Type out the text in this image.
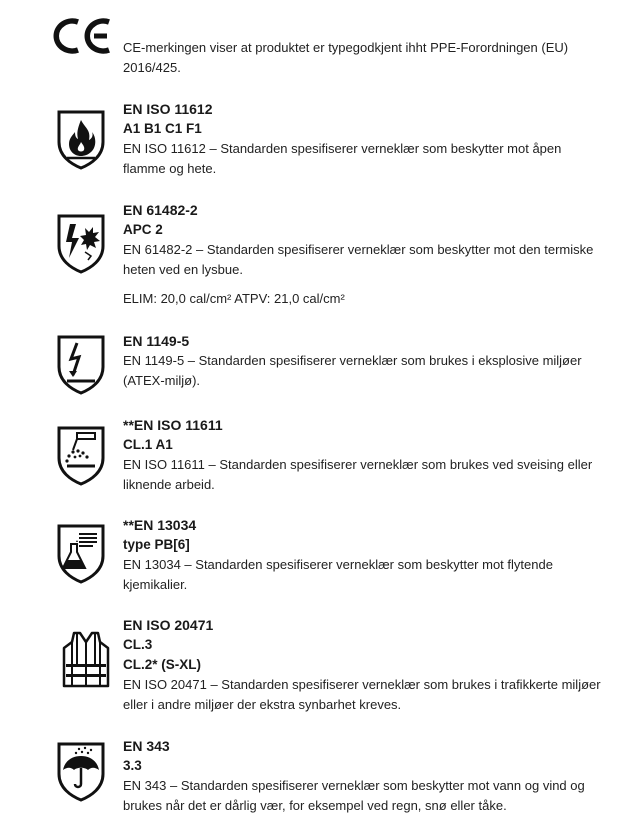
CE-merkingen viser at produktet er typegodkjent ihht PPE-Forordningen (EU) 2016/425.

EN ISO 11612

A1 B1 C1 F1

EN ISO 11612 – Standarden spesifiserer verneklær som beskytter mot åpen flamme og hete.

EN 61482-2

APC 2

EN 61482-2 – Standarden spesifiserer verneklær som beskytter mot den termiske heten ved en lysbue.

ELIM: 20,0 cal/cm² ATPV: 21,0 cal/cm²

EN 1149-5

EN 1149-5 – Standarden spesifiserer verneklær som brukes i eksplosive miljøer (ATEX-miljø).

**EN ISO 11611

CL.1 A1

EN ISO 11611 – Standarden spesifiserer verneklær som brukes ved sveising eller liknende arbeid.

**EN 13034

type PB[6]

EN 13034 – Standarden spesifiserer verneklær som beskytter mot flytende kjemikalier.

EN ISO 20471

CL.3

CL.2* (S-XL)

EN ISO 20471 – Standarden spesifiserer verneklær som brukes i trafikkerte miljøer eller i andre miljøer der ekstra synbarhet kreves.

EN 343

3.3

EN 343 – Standarden spesifiserer verneklær som beskytter mot vann og vind og brukes når det er dårlig vær, for eksempel ved regn, snø eller tåke.
